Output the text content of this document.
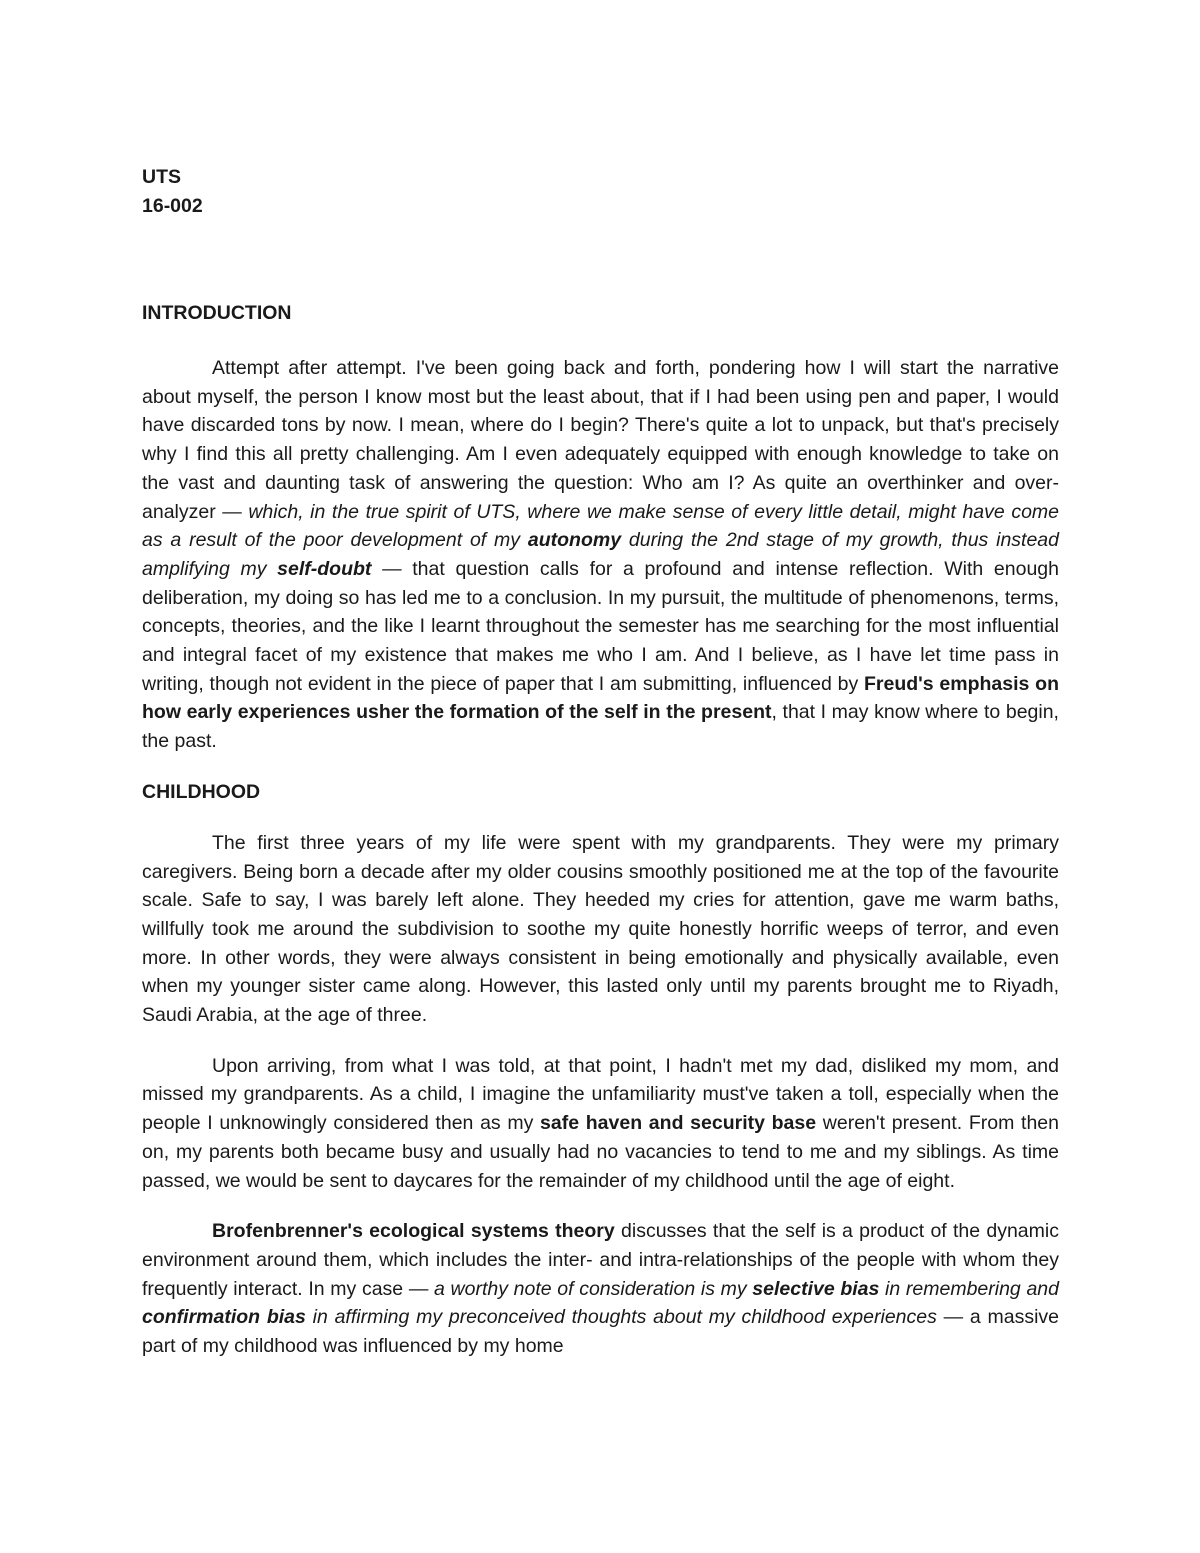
UTS
16-002
INTRODUCTION

Attempt after attempt. I've been going back and forth, pondering how I will start the narrative about myself, the person I know most but the least about, that if I had been using pen and paper, I would have discarded tons by now. I mean, where do I begin? There's quite a lot to unpack, but that's precisely why I find this all pretty challenging. Am I even adequately equipped with enough knowledge to take on the vast and daunting task of answering the question: Who am I? As quite an overthinker and over-analyzer — which, in the true spirit of UTS, where we make sense of every little detail, might have come as a result of the poor development of my autonomy during the 2nd stage of my growth, thus instead amplifying my self-doubt — that question calls for a profound and intense reflection. With enough deliberation, my doing so has led me to a conclusion. In my pursuit, the multitude of phenomenons, terms, concepts, theories, and the like I learnt throughout the semester has me searching for the most influential and integral facet of my existence that makes me who I am. And I believe, as I have let time pass in writing, though not evident in the piece of paper that I am submitting, influenced by Freud's emphasis on how early experiences usher the formation of the self in the present, that I may know where to begin, the past.

CHILDHOOD

The first three years of my life were spent with my grandparents. They were my primary caregivers. Being born a decade after my older cousins smoothly positioned me at the top of the favourite scale. Safe to say, I was barely left alone. They heeded my cries for attention, gave me warm baths, willfully took me around the subdivision to soothe my quite honestly horrific weeps of terror, and even more. In other words, they were always consistent in being emotionally and physically available, even when my younger sister came along. However, this lasted only until my parents brought me to Riyadh, Saudi Arabia, at the age of three.

Upon arriving, from what I was told, at that point, I hadn't met my dad, disliked my mom, and missed my grandparents. As a child, I imagine the unfamiliarity must've taken a toll, especially when the people I unknowingly considered then as my safe haven and security base weren't present. From then on, my parents both became busy and usually had no vacancies to tend to me and my siblings. As time passed, we would be sent to daycares for the remainder of my childhood until the age of eight.

Brofenbrenner's ecological systems theory discusses that the self is a product of the dynamic environment around them, which includes the inter- and intra-relationships of the people with whom they frequently interact. In my case — a worthy note of consideration is my selective bias in remembering and confirmation bias in affirming my preconceived thoughts about my childhood experiences — a massive part of my childhood was influenced by my home
